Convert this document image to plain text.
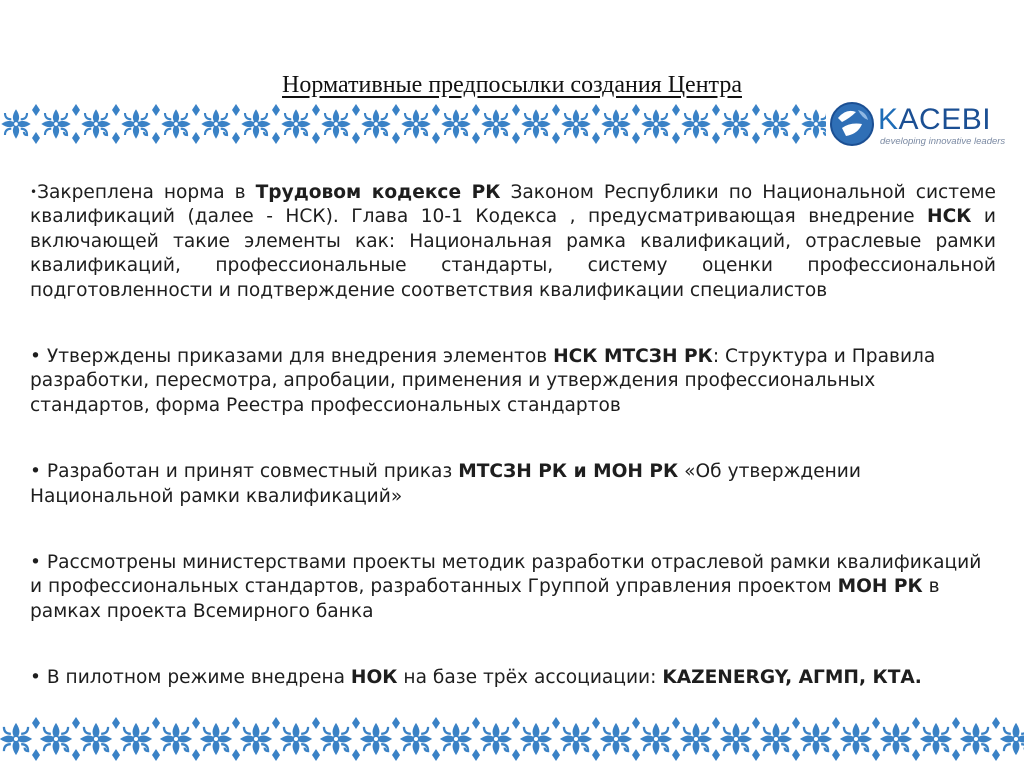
Нормативные предпосылки создания Центра
KACEBI
developing innovative leaders

•Закреплена норма в Трудовом кодексе РК Законом Республики по Национальной системе квалификаций (далее - НСК). Глава 10-1 Кодекса , предусматривающая внедрение НСК и включающей такие элементы как: Национальная рамка квалификаций, отраслевые рамки квалификаций, профессиональные стандарты, систему оценки профессиональной подготовленности и подтверждение соответствия квалификации специалистов

• Утверждены приказами для внедрения элементов НСК МТСЗН РК: Структура и Правила разработки, пересмотра, апробации, применения и утверждения профессиональных стандартов, форма Реестра профессиональных стандартов

• Разработан и принят совместный приказ МТСЗН РК и МОН РК «Об утверждении Национальной рамки квалификаций»

• Рассмотрены министерствами проекты методик разработки отраслевой рамки квалификаций и профессиональных стандартов, разработанных Группой управления проектом МОН РК в рамках проекта Всемирного банка

• В пилотном режиме внедрена НОК на базе трёх ассоциации: KAZENERGY, АГМП, КТА.
